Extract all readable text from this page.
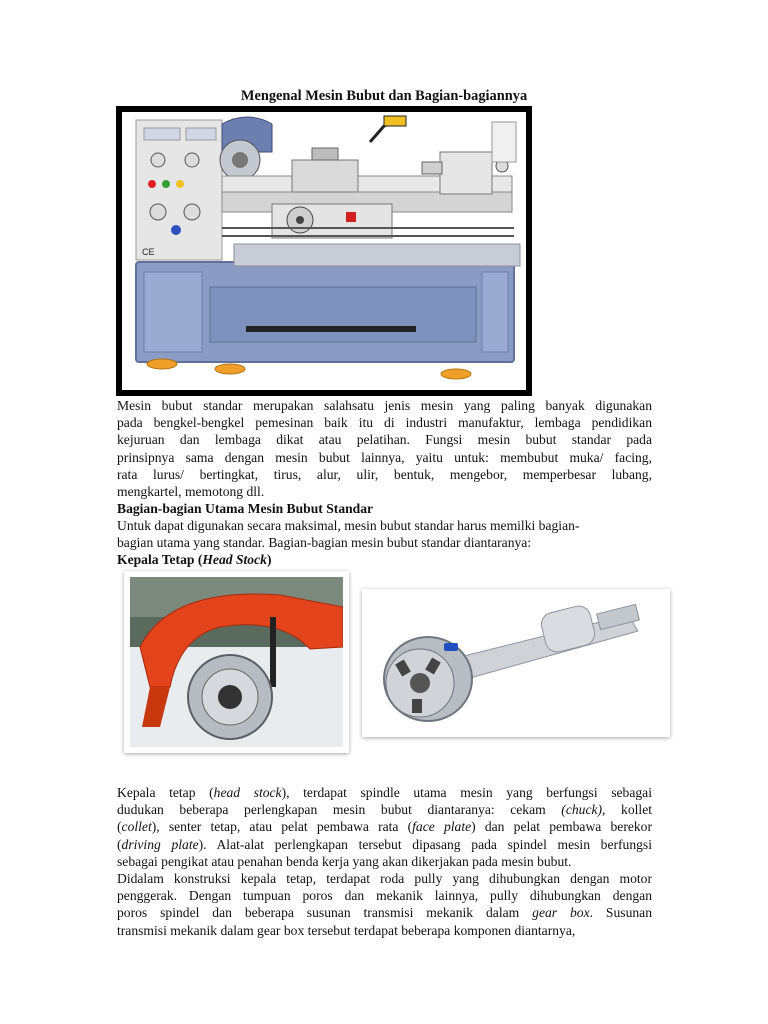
Mengenal Mesin Bubut dan Bagian-bagiannya
CE
Mesin bubut standar merupakan salahsatu jenis mesin yang paling banyak digunakan
pada bengkel-bengkel pemesinan baik itu di industri manufaktur, lembaga pendidikan
kejuruan dan lembaga dikat atau pelatihan. Fungsi mesin bubut standar pada
prinsipnya sama dengan mesin bubut lainnya, yaitu untuk: membubut muka/ facing,
rata lurus/ bertingkat, tirus, alur, ulir, bentuk, mengebor, memperbesar lubang,
mengkartel, memotong dll.
Bagian-bagian Utama Mesin Bubut Standar
Untuk dapat digunakan secara maksimal, mesin bubut standar harus memilki bagian-
bagian utama yang standar. Bagian-bagian mesin bubut standar diantaranya:
Kepala Tetap (Head Stock)
Kepala tetap (head stock), terdapat spindle utama mesin yang berfungsi sebagai
dudukan beberapa perlengkapan mesin bubut diantaranya: cekam (chuck), kollet
(collet), senter tetap, atau pelat pembawa rata (face plate) dan pelat pembawa berekor
(driving plate). Alat-alat perlengkapan tersebut dipasang pada spindel mesin berfungsi
sebagai pengikat atau penahan benda kerja yang akan dikerjakan pada mesin bubut.
Didalam konstruksi kepala tetap, terdapat roda pully yang dihubungkan dengan motor
penggerak. Dengan tumpuan poros dan mekanik lainnya, pully dihubungkan dengan
poros spindel dan beberapa susunan transmisi mekanik dalam gear box. Susunan
transmisi mekanik dalam gear box tersebut terdapat beberapa komponen diantarnya,
